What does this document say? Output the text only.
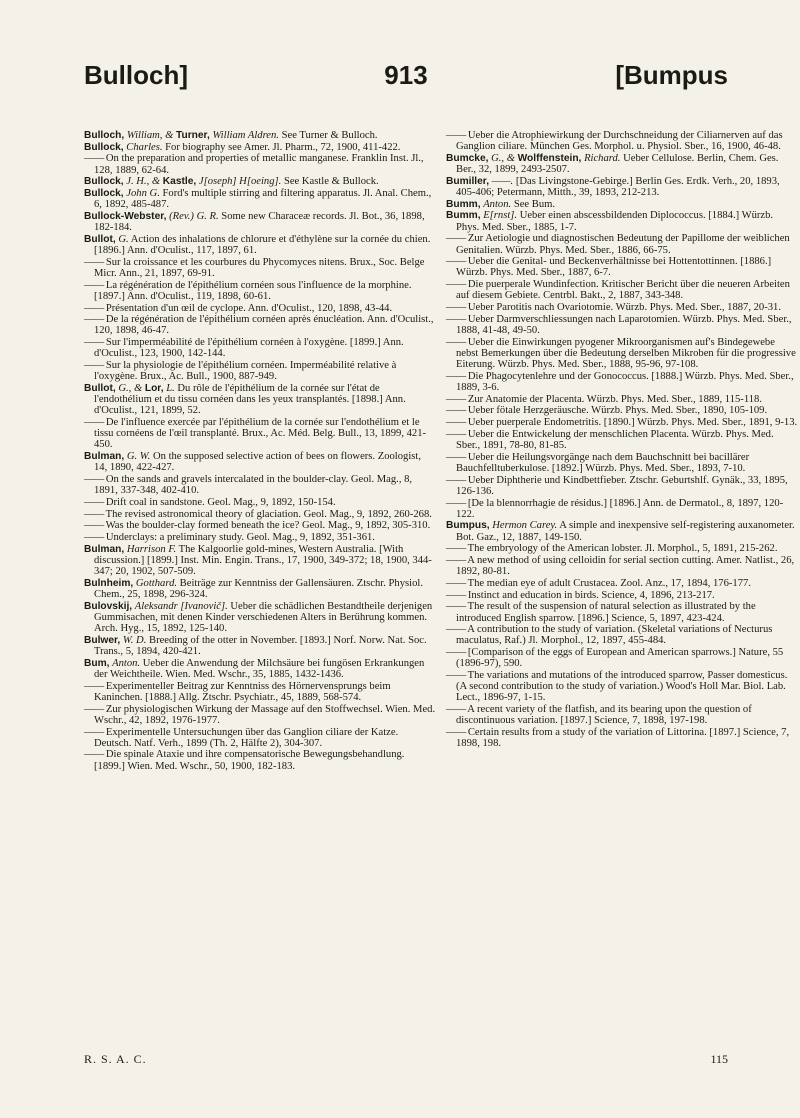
Bulloch]	913	[Bumpus
Bulloch, William, & Turner, William Aldren. See Turner & Bulloch.
Bullock, Charles. For biography see Amer. Jl. Pharm., 72, 1900, 411-422.
—— On the preparation and properties of metallic manganese. Franklin Inst. Jl., 128, 1889, 62-64.
Bullock, J. H., & Kastle, J[oseph] H[oeing]. See Kastle & Bullock.
Bullock, John G. Ford's multiple stirring and filtering apparatus. Jl. Anal. Chem., 6, 1892, 485-487.
Bullock-Webster, (Rev.) G. R. Some new Characeæ records. Jl. Bot., 36, 1898, 182-184.
Bullot, G. Action des inhalations de chlorure et d'éthylène sur la cornée du chien. [1896.] Ann. d'Oculist., 117, 1897, 61.
—— Sur la croissance et les courbures du Phycomyces nitens. Brux., Soc. Belge Micr. Ann., 21, 1897, 69-91.
—— La régénération de l'épithélium cornéen sous l'influence de la morphine. [1897.] Ann. d'Oculist., 119, 1898, 60-61.
—— Présentation d'un œil de cyclope. Ann. d'Oculist., 120, 1898, 43-44.
—— De la régénération de l'épithélium cornéen après énucléation. Ann. d'Oculist., 120, 1898, 46-47.
—— Sur l'imperméabilité de l'épithélium cornéen à l'oxygène. [1899.] Ann. d'Oculist., 123, 1900, 142-144.
—— Sur la physiologie de l'épithélium cornéen. Imperméabilité relative à l'oxygène. Brux., Ac. Bull., 1900, 887-949.
Bullot, G., & Lor, L. Du rôle de l'épithélium de la cornée sur l'état de l'endothélium et du tissu cornéen dans les yeux transplantés. [1898.] Ann. d'Oculist., 121, 1899, 52.
—— De l'influence exercée par l'épithélium de la cornée sur l'endothélium et le tissu cornéens de l'œil transplanté. Brux., Ac. Méd. Belg. Bull., 13, 1899, 421-450.
Bulman, G. W. On the supposed selective action of bees on flowers. Zoologist, 14, 1890, 422-427.
—— On the sands and gravels intercalated in the boulder-clay. Geol. Mag., 8, 1891, 337-348, 402-410.
—— Drift coal in sandstone. Geol. Mag., 9, 1892, 150-154.
—— The revised astronomical theory of glaciation. Geol. Mag., 9, 1892, 260-268.
—— Was the boulder-clay formed beneath the ice? Geol. Mag., 9, 1892, 305-310.
—— Underclays: a preliminary study. Geol. Mag., 9, 1892, 351-361.
Bulman, Harrison F. The Kalgoorlie gold-mines, Western Australia. [With discussion.] [1899.] Inst. Min. Engin. Trans., 17, 1900, 349-372; 18, 1900, 344-347; 20, 1902, 507-509.
Bulnheim, Gotthard. Beiträge zur Kenntniss der Gallensäuren. Ztschr. Physiol. Chem., 25, 1898, 296-324.
Bulovskij, Aleksandr [Ivanovič]. Ueber die schädlichen Bestandtheile derjenigen Gummisachen, mit denen Kinder verschiedenen Alters in Berührung kommen. Arch. Hyg., 15, 1892, 125-140.
Bulwer, W. D. Breeding of the otter in November. [1893.] Norf. Norw. Nat. Soc. Trans., 5, 1894, 420-421.
Bum, Anton. Ueber die Anwendung der Milchsäure bei fungösen Erkrankungen der Weichtheile. Wien. Med. Wschr., 35, 1885, 1432-1436.
—— Experimenteller Beitrag zur Kenntniss des Hörnervensprungs beim Kaninchen. [1888.] Allg. Ztschr. Psychiatr., 45, 1889, 568-574.
—— Zur physiologischen Wirkung der Massage auf den Stoffwechsel. Wien. Med. Wschr., 42, 1892, 1976-1977.
—— Experimentelle Untersuchungen über das Ganglion ciliare der Katze. Deutsch. Natf. Verh., 1899 (Th. 2, Hälfte 2), 304-307.
—— Die spinale Ataxie und ihre compensatorische Bewegungsbehandlung. [1899.] Wien. Med. Wschr., 50, 1900, 182-183.
—— Ueber die Atrophiewirkung der Durchschneidung der Ciliarnerven auf das Ganglion ciliare. München Ges. Morphol. u. Physiol. Sber., 16, 1900, 46-48.
Bumcke, G., & Wolffenstein, Richard. Ueber Cellulose. Berlin, Chem. Ges. Ber., 32, 1899, 2493-2507.
Bumiller, ——. [Das Livingstone-Gebirge.] Berlin Ges. Erdk. Verh., 20, 1893, 405-406; Petermann, Mitth., 39, 1893, 212-213.
Bumm, Anton. See Bum.
Bumm, E[rnst]. Ueber einen abscessbildenden Diplococcus. [1884.] Würzb. Phys. Med. Sber., 1885, 1-7.
—— Zur Aetiologie und diagnostischen Bedeutung der Papillome der weiblichen Genitalien. Würzb. Phys. Med. Sber., 1886, 66-75.
—— Ueber die Genital- und Beckenverhältnisse bei Hottentottinnen. [1886.] Würzb. Phys. Med. Sber., 1887, 6-7.
—— Die puerperale Wundinfection. Kritischer Bericht über die neueren Arbeiten auf diesem Gebiete. Centrbl. Bakt., 2, 1887, 343-348.
—— Ueber Parotitis nach Ovariotomie. Würzb. Phys. Med. Sber., 1887, 20-31.
—— Ueber Darmverschliessungen nach Laparotomien. Würzb. Phys. Med. Sber., 1888, 41-48, 49-50.
—— Ueber die Einwirkungen pyogener Mikroorganismen auf's Bindegewebe nebst Bemerkungen über die Bedeutung derselben Mikroben für die progressive Eiterung. Würzb. Phys. Med. Sber., 1888, 95-96, 97-108.
—— Die Phagocytenlehre und der Gonococcus. [1888.] Würzb. Phys. Med. Sber., 1889, 3-6.
—— Zur Anatomie der Placenta. Würzb. Phys. Med. Sber., 1889, 115-118.
—— Ueber fötale Herzgeräusche. Würzb. Phys. Med. Sber., 1890, 105-109.
—— Ueber puerperale Endometritis. [1890.] Würzb. Phys. Med. Sber., 1891, 9-13.
—— Ueber die Entwickelung der menschlichen Placenta. Würzb. Phys. Med. Sber., 1891, 78-80, 81-85.
—— Ueber die Heilungsvorgänge nach dem Bauchschnitt bei bacillärer Bauchfelltuberkulose. [1892.] Würzb. Phys. Med. Sber., 1893, 7-10.
—— Ueber Diphtherie und Kindbettfieber. Ztschr. Geburtshlf. Gynäk., 33, 1895, 126-136.
—— [De la blennorrhagie de résidus.] [1896.] Ann. de Dermatol., 8, 1897, 120-122.
Bumpus, Hermon Carey. A simple and inexpensive self-registering auxanometer. Bot. Gaz., 12, 1887, 149-150.
—— The embryology of the American lobster. Jl. Morphol., 5, 1891, 215-262.
—— A new method of using celloidin for serial section cutting. Amer. Natlist., 26, 1892, 80-81.
—— The median eye of adult Crustacea. Zool. Anz., 17, 1894, 176-177.
—— Instinct and education in birds. Science, 4, 1896, 213-217.
—— The result of the suspension of natural selection as illustrated by the introduced English sparrow. [1896.] Science, 5, 1897, 423-424.
—— A contribution to the study of variation. (Skeletal variations of Necturus maculatus, Raf.) Jl. Morphol., 12, 1897, 455-484.
—— [Comparison of the eggs of European and American sparrows.] Nature, 55 (1896-97), 590.
—— The variations and mutations of the introduced sparrow, Passer domesticus. (A second contribution to the study of variation.) Wood's Holl Mar. Biol. Lab. Lect., 1896-97, 1-15.
—— A recent variety of the flatfish, and its bearing upon the question of discontinuous variation. [1897.] Science, 7, 1898, 197-198.
—— Certain results from a study of the variation of Littorina. [1897.] Science, 7, 1898, 198.
R. S. A. C.	115
